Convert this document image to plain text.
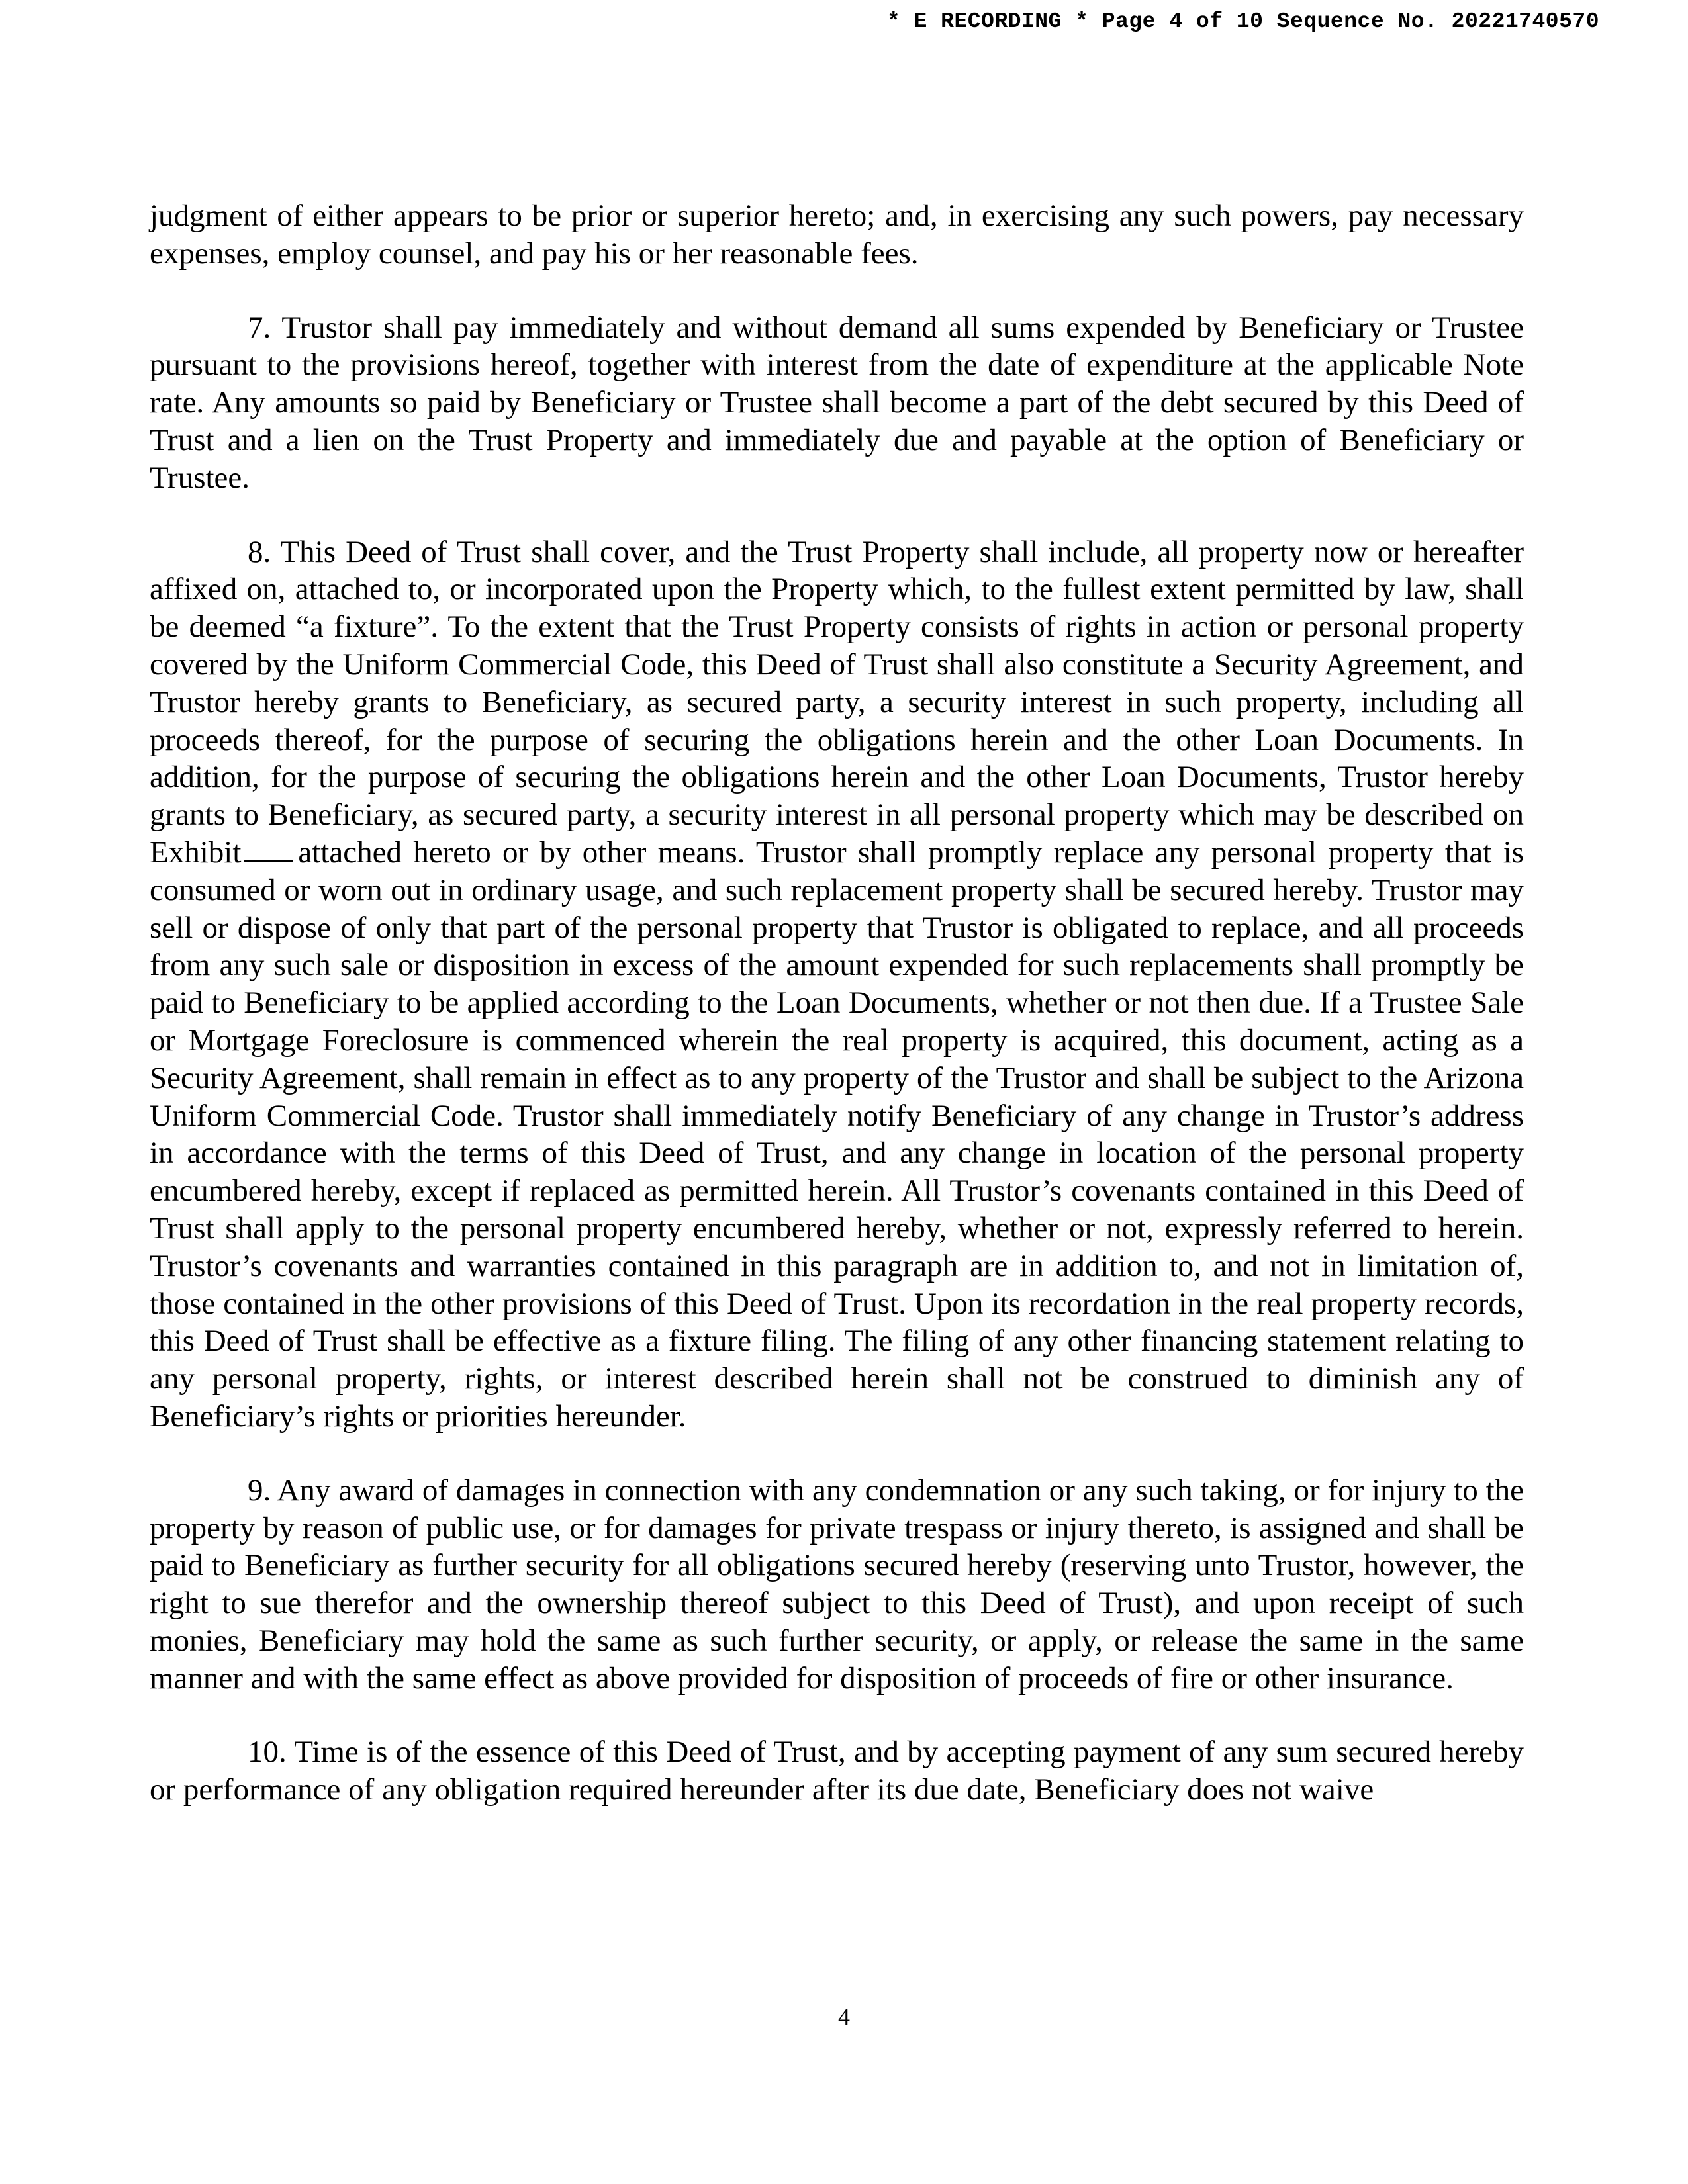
* E RECORDING * Page 4 of 10 Sequence No. 20221740570

judgment of either appears to be prior or superior hereto; and, in exercising any such powers, pay necessary expenses, employ counsel, and pay his or her reasonable fees.

7. Trustor shall pay immediately and without demand all sums expended by Beneficiary or Trustee pursuant to the provisions hereof, together with interest from the date of expenditure at the applicable Note rate. Any amounts so paid by Beneficiary or Trustee shall become a part of the debt secured by this Deed of Trust and a lien on the Trust Property and immediately due and payable at the option of Beneficiary or Trustee.

8. This Deed of Trust shall cover, and the Trust Property shall include, all property now or hereafter affixed on, attached to, or incorporated upon the Property which, to the fullest extent permitted by law, shall be deemed “a fixture”. To the extent that the Trust Property consists of rights in action or personal property covered by the Uniform Commercial Code, this Deed of Trust shall also constitute a Security Agreement, and Trustor hereby grants to Beneficiary, as secured party, a security interest in such property, including all proceeds thereof, for the purpose of securing the obligations herein and the other Loan Documents. In addition, for the purpose of securing the obligations herein and the other Loan Documents, Trustor hereby grants to Beneficiary, as secured party, a security interest in all personal property which may be described on Exhibit attached hereto or by other means. Trustor shall promptly replace any personal property that is consumed or worn out in ordinary usage, and such replacement property shall be secured hereby. Trustor may sell or dispose of only that part of the personal property that Trustor is obligated to replace, and all proceeds from any such sale or disposition in excess of the amount expended for such replacements shall promptly be paid to Beneficiary to be applied according to the Loan Documents, whether or not then due. If a Trustee Sale or Mortgage Foreclosure is commenced wherein the real property is acquired, this document, acting as a Security Agreement, shall remain in effect as to any property of the Trustor and shall be subject to the Arizona Uniform Commercial Code. Trustor shall immediately notify Beneficiary of any change in Trustor’s address in accordance with the terms of this Deed of Trust, and any change in location of the personal property encumbered hereby, except if replaced as permitted herein. All Trustor’s covenants contained in this Deed of Trust shall apply to the personal property encumbered hereby, whether or not, expressly referred to herein. Trustor’s covenants and warranties contained in this paragraph are in addition to, and not in limitation of, those contained in the other provisions of this Deed of Trust. Upon its recordation in the real property records, this Deed of Trust shall be effective as a fixture filing. The filing of any other financing statement relating to any personal property, rights, or interest described herein shall not be construed to diminish any of Beneficiary’s rights or priorities hereunder.

9. Any award of damages in connection with any condemnation or any such taking, or for injury to the property by reason of public use, or for damages for private trespass or injury thereto, is assigned and shall be paid to Beneficiary as further security for all obligations secured hereby (reserving unto Trustor, however, the right to sue therefor and the ownership thereof subject to this Deed of Trust), and upon receipt of such monies, Beneficiary may hold the same as such further security, or apply, or release the same in the same manner and with the same effect as above provided for disposition of proceeds of fire or other insurance.

10. Time is of the essence of this Deed of Trust, and by accepting payment of any sum secured hereby or performance of any obligation required hereunder after its due date, Beneficiary does not waive

4
